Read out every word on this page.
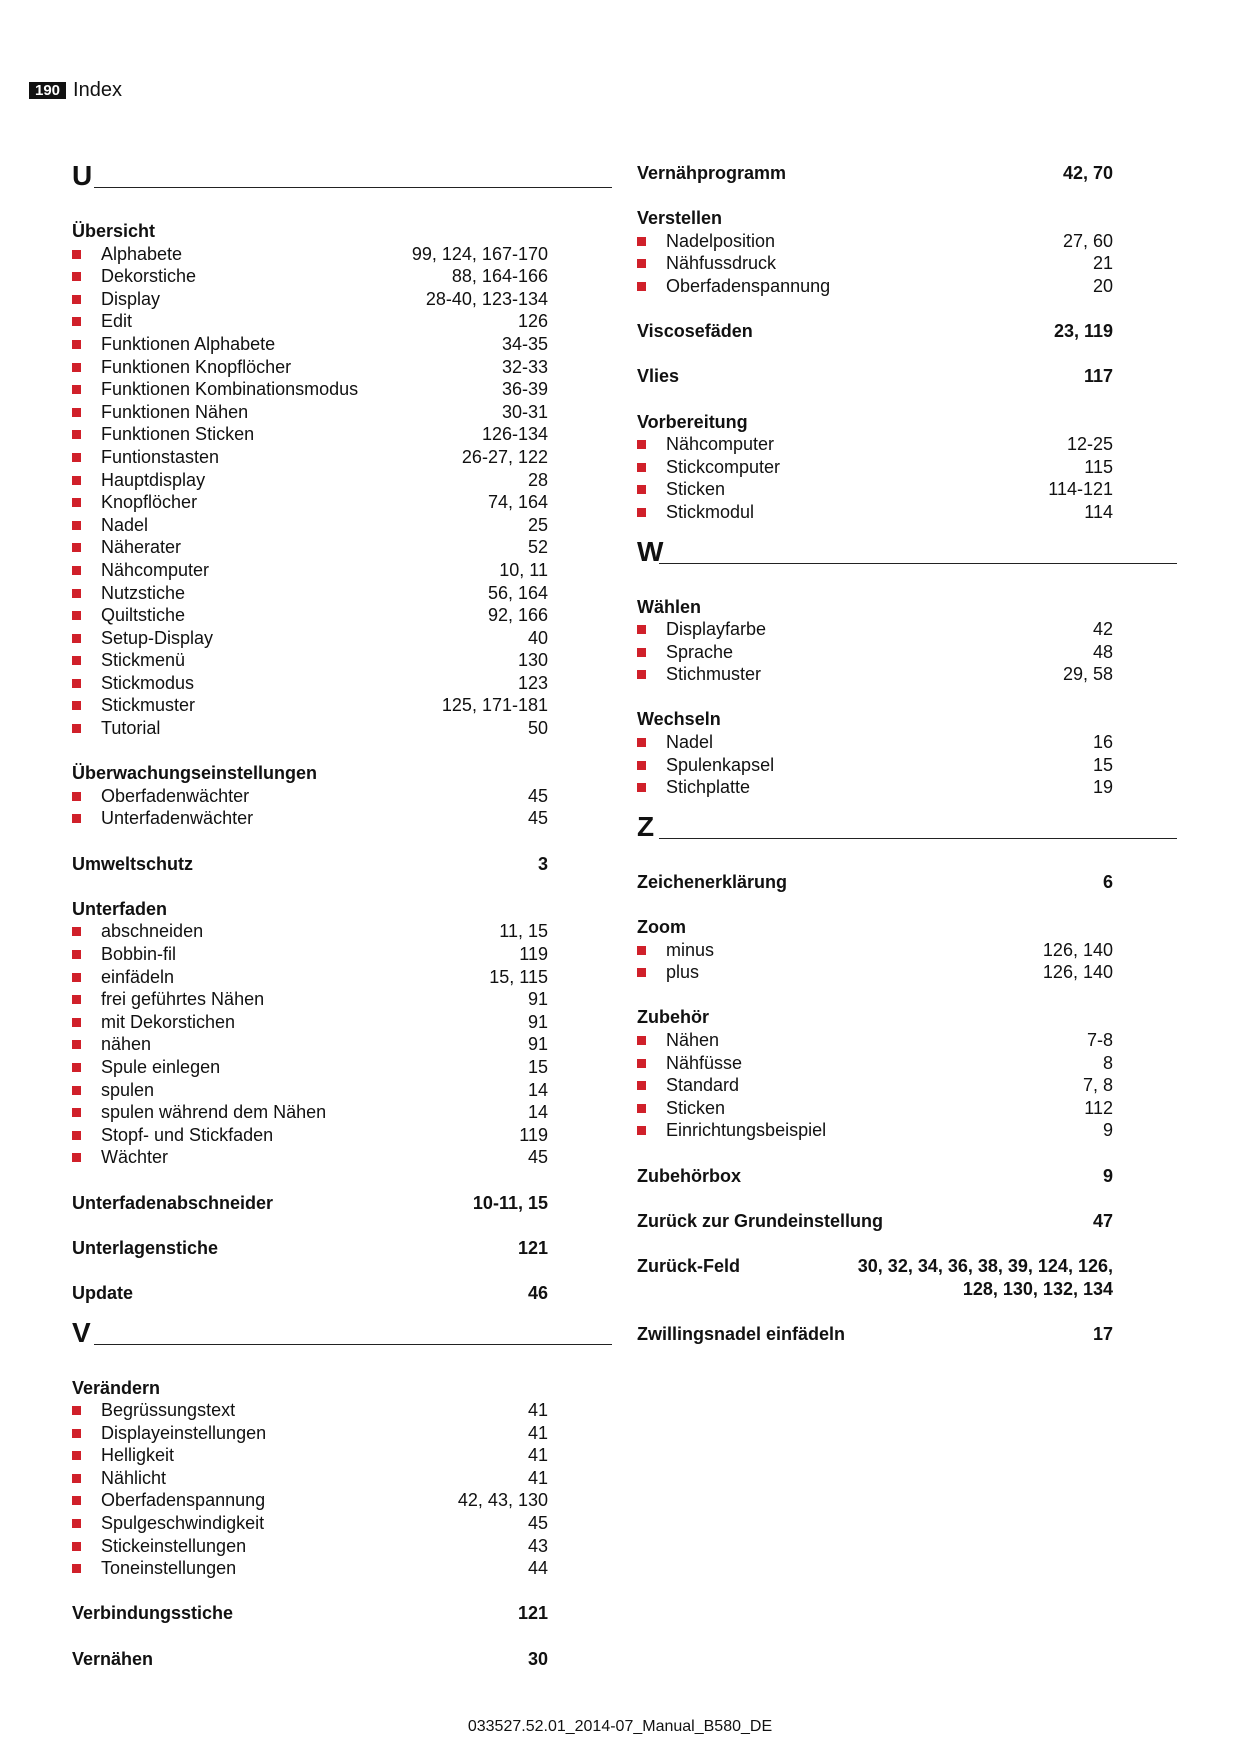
190 Index
U
Übersicht
Alphabete	99, 124, 167-170
Dekorstiche	88, 164-166
Display	28-40, 123-134
Edit	126
Funktionen Alphabete	34-35
Funktionen Knopflöcher	32-33
Funktionen Kombinationsmodus	36-39
Funktionen Nähen	30-31
Funktionen Sticken	126-134
Funtionstasten	26-27, 122
Hauptdisplay	28
Knopflöcher	74, 164
Nadel	25
Näherater	52
Nähcomputer	10, 11
Nutzstiche	56, 164
Quiltstiche	92, 166
Setup-Display	40
Stickmenü	130
Stickmodus	123
Stickmuster	125, 171-181
Tutorial	50
Überwachungseinstellungen
Oberfadenwächter	45
Unterfadenwächter	45
Umweltschutz	3
Unterfaden
abschneiden	11, 15
Bobbin-fil	119
einfädeln	15, 115
frei geführtes Nähen	91
mit Dekorstichen	91
nähen	91
Spule einlegen	15
spulen	14
spulen während dem Nähen	14
Stopf- und Stickfaden	119
Wächter	45
Unterfadenabschneider	10-11, 15
Unterlagenstiche	121
Update	46
V
Verändern
Begrüssungstext	41
Displayeinstellungen	41
Helligkeit	41
Nählicht	41
Oberfadenspannung	42, 43, 130
Spulgeschwindigkeit	45
Stickeinstellungen	43
Toneinstellungen	44
Verbindungsstiche	121
Vernähen	30
Vernähprogramm	42, 70
Verstellen
Nadelposition	27, 60
Nähfussdruck	21
Oberfadenspannung	20
Viscosefäden	23, 119
Vlies	117
Vorbereitung
Nähcomputer	12-25
Stickcomputer	115
Sticken	114-121
Stickmodul	114
W
Wählen
Displayfarbe	42
Sprache	48
Stichmuster	29, 58
Wechseln
Nadel	16
Spulenkapsel	15
Stichplatte	19
Z
Zeichenerklärung	6
Zoom
minus	126, 140
plus	126, 140
Zubehör
Nähen	7-8
Nähfüsse	8
Standard	7, 8
Sticken	112
Einrichtungsbeispiel	9
Zubehörbox	9
Zurück zur Grundeinstellung	47
Zurück-Feld	30, 32, 34, 36, 38, 39, 124, 126,
128, 130, 132, 134
Zwillingsnadel einfädeln	17
033527.52.01_2014-07_Manual_B580_DE
